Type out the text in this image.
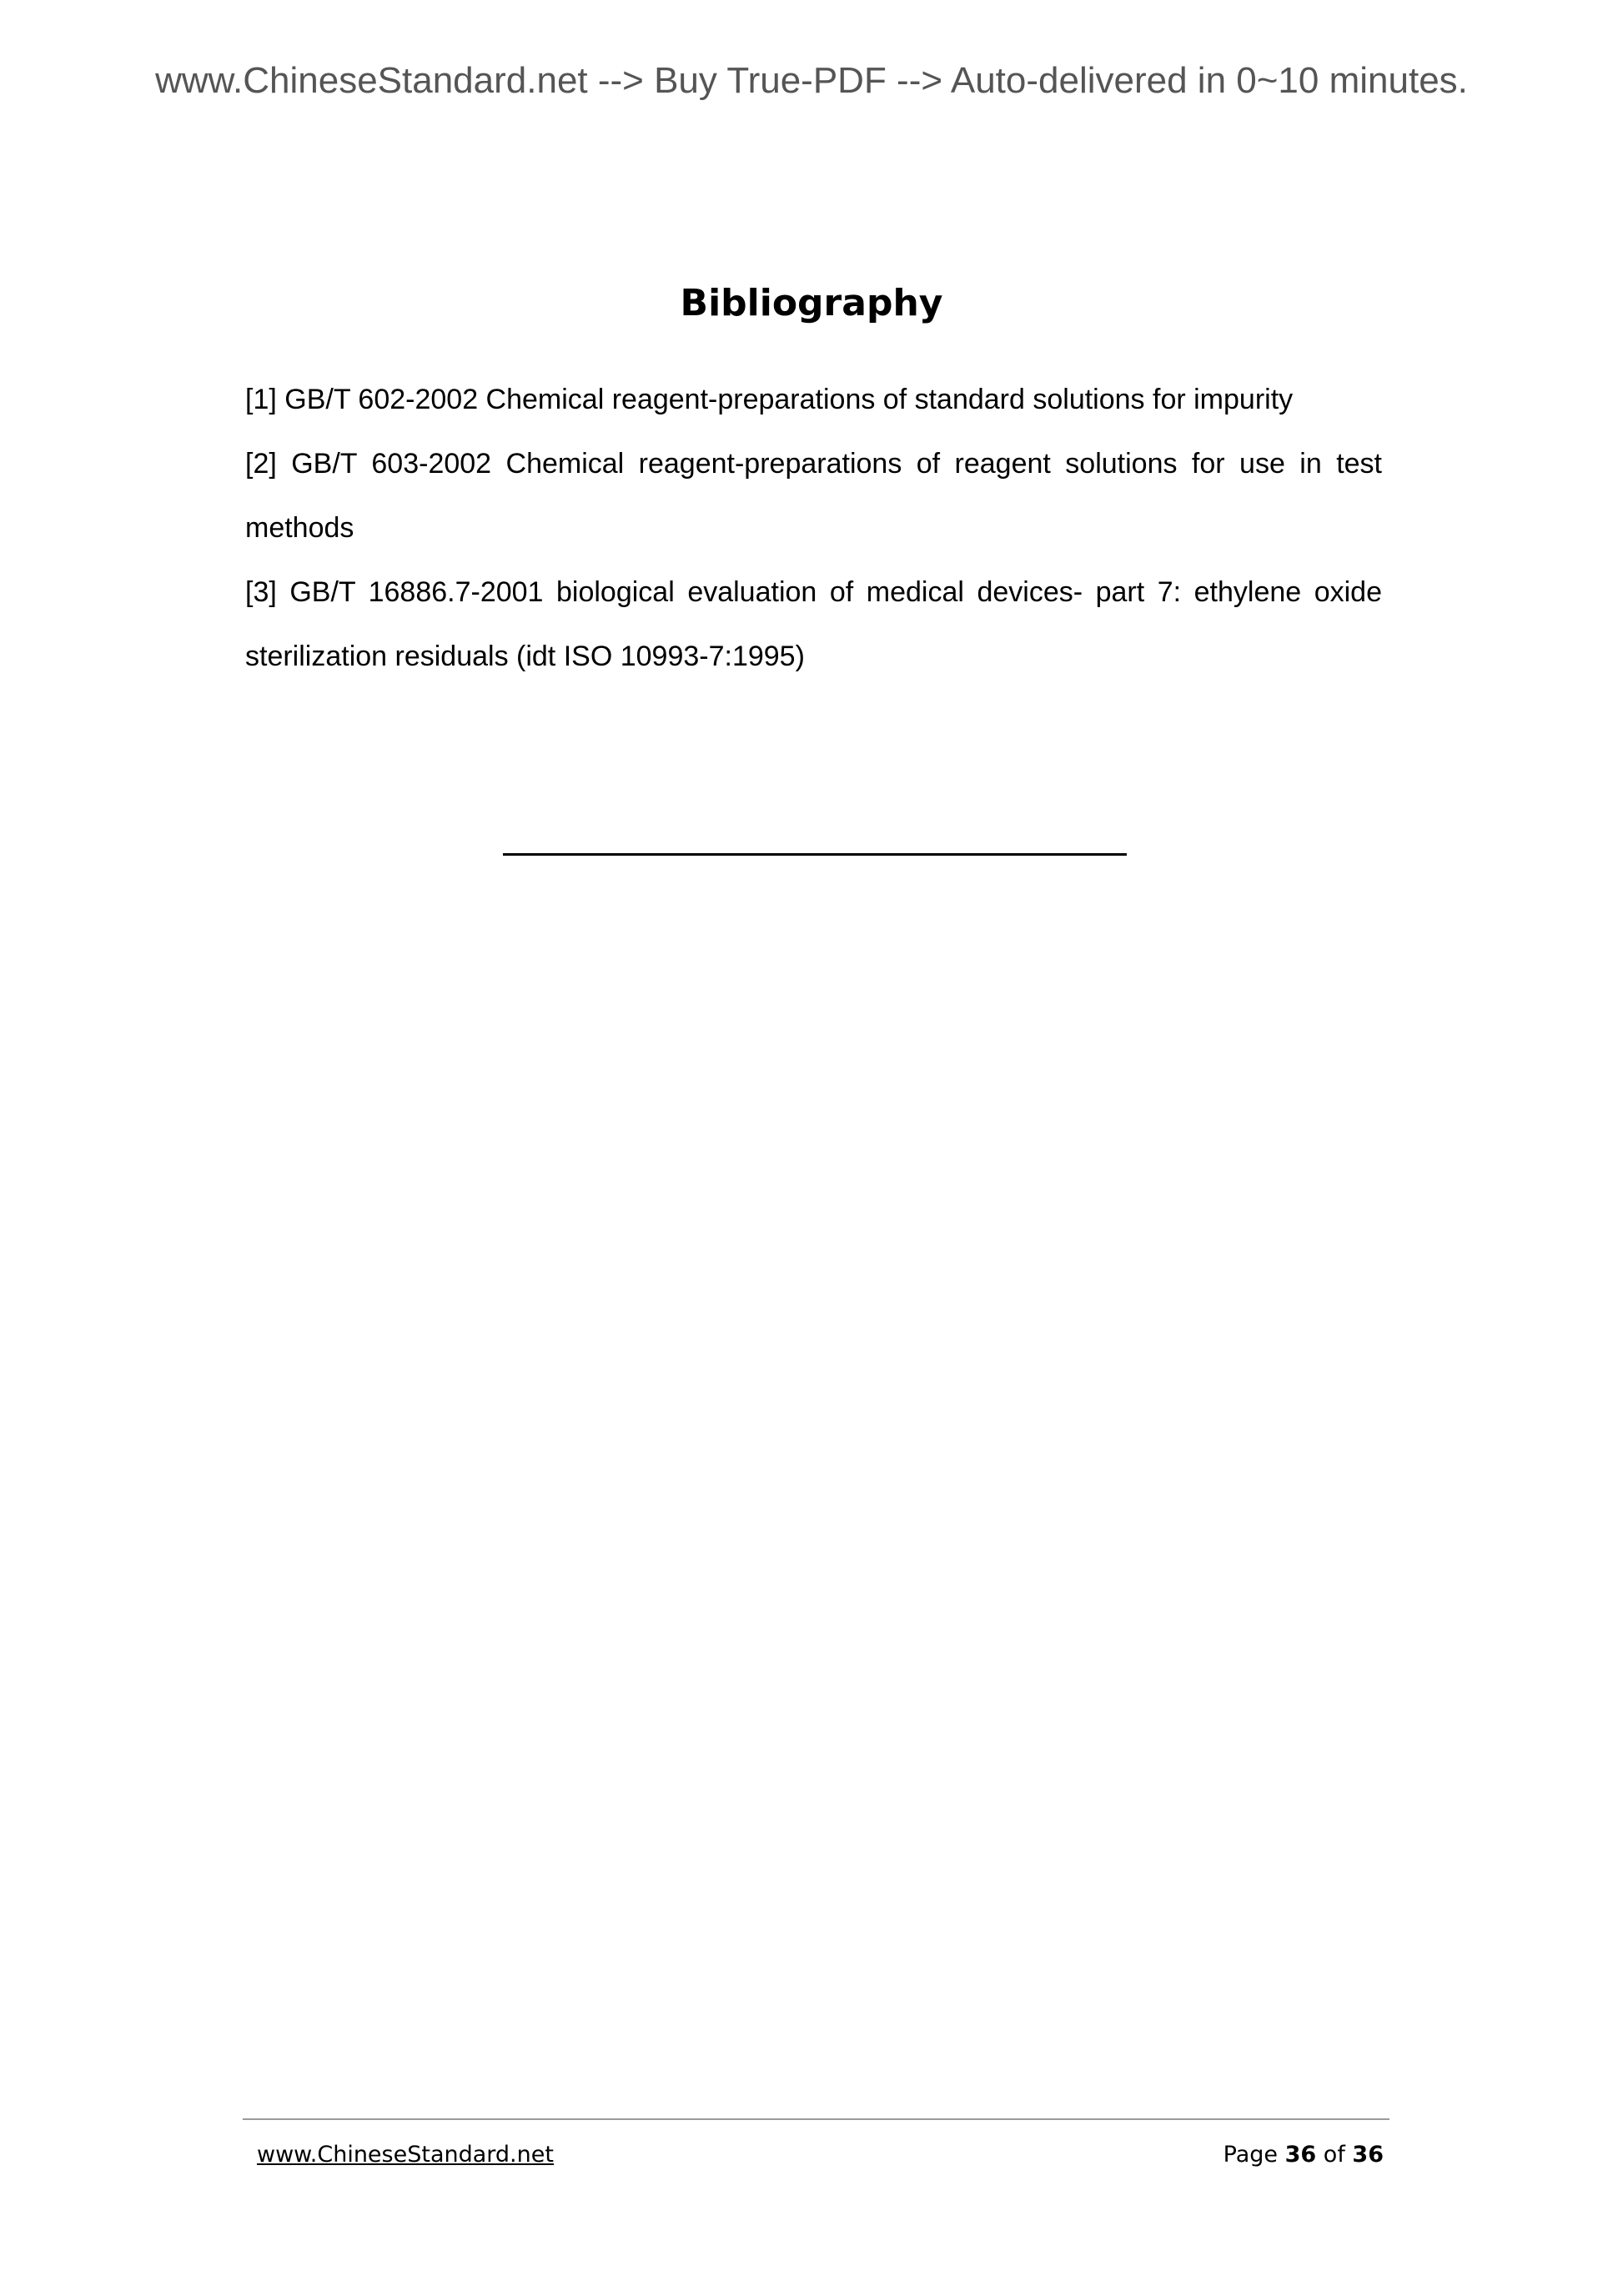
www.ChineseStandard.net --> Buy True-PDF --> Auto-delivered in 0~10 minutes.
Bibliography

[1] GB/T 602-2002 Chemical reagent-preparations of standard solutions for impurity

[2] GB/T 603-2002 Chemical reagent-preparations of reagent solutions for use in test methods

[3] GB/T 16886.7-2001 biological evaluation of medical devices- part 7: ethylene oxide sterilization residuals (idt ISO 10993-7:1995)

www.ChineseStandard.net	Page 36 of 36
